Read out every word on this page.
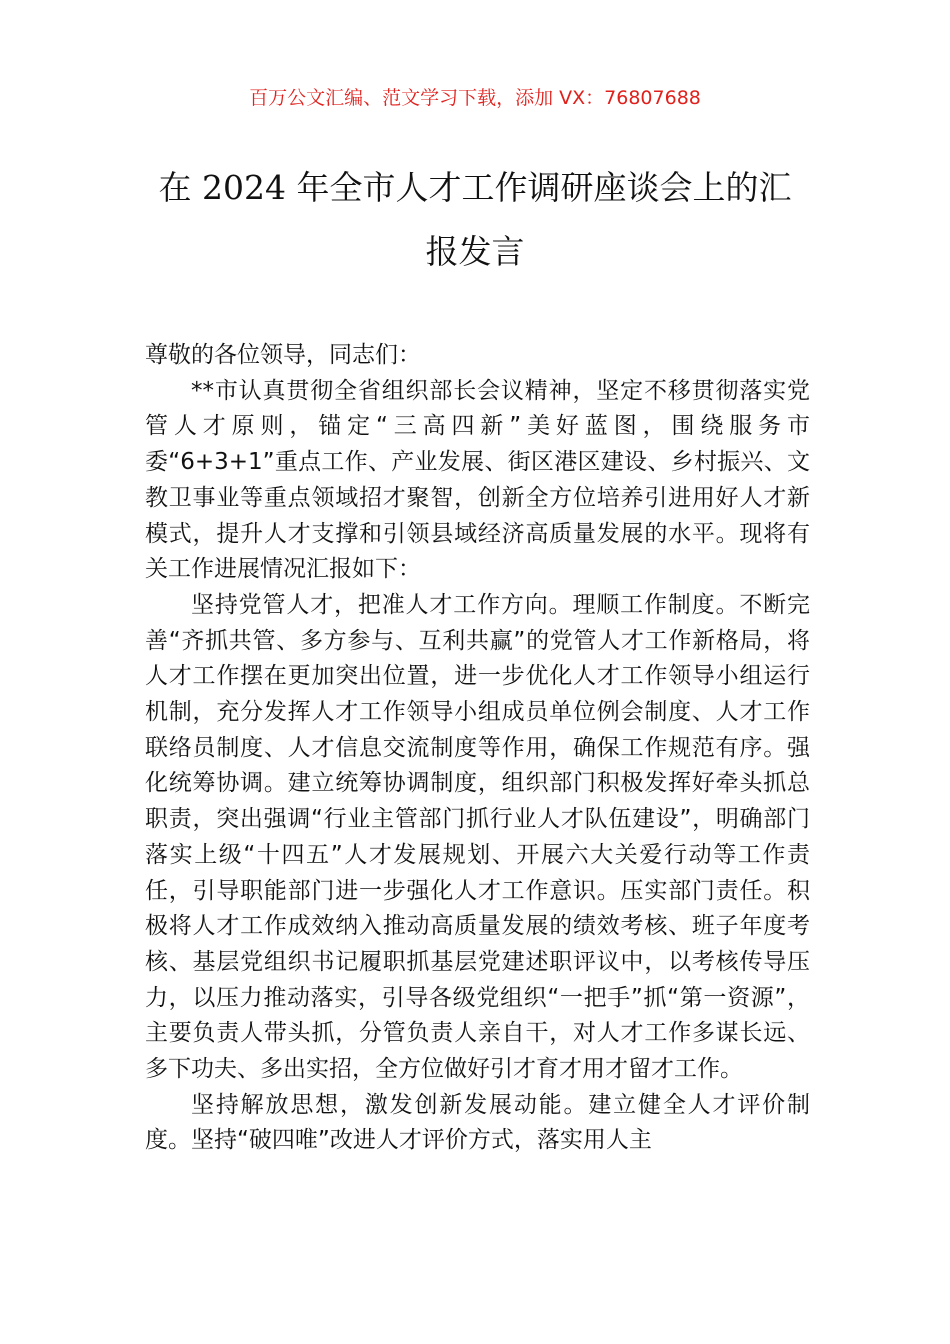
百万公文汇编、范文学习下载，添加 VX：76807688
在 2024 年全市人才工作调研座谈会上的汇
报发言

尊敬的各位领导，同志们：

**市认真贯彻全省组织部长会议精神，坚定不移贯彻落实党管人才原则，锚定“三高四新”美好蓝图，围绕服务市委“6+3+1”重点工作、产业发展、街区港区建设、乡村振兴、文教卫事业等重点领域招才聚智，创新全方位培养引进用好人才新模式，提升人才支撑和引领县域经济高质量发展的水平。现将有关工作进展情况汇报如下：

坚持党管人才，把准人才工作方向。理顺工作制度。不断完善“齐抓共管、多方参与、互利共赢”的党管人才工作新格局，将人才工作摆在更加突出位置，进一步优化人才工作领导小组运行机制，充分发挥人才工作领导小组成员单位例会制度、人才工作联络员制度、人才信息交流制度等作用，确保工作规范有序。强化统筹协调。建立统筹协调制度，组织部门积极发挥好牵头抓总职责，突出强调“行业主管部门抓行业人才队伍建设”，明确部门落实上级“十四五”人才发展规划、开展六大关爱行动等工作责任，引导职能部门进一步强化人才工作意识。压实部门责任。积极将人才工作成效纳入推动高质量发展的绩效考核、班子年度考核、基层党组织书记履职抓基层党建述职评议中，以考核传导压力，以压力推动落实，引导各级党组织“一把手”抓“第一资源”，主要负责人带头抓，分管负责人亲自干，对人才工作多谋长远、多下功夫、多出实招，全方位做好引才育才用才留才工作。

坚持解放思想，激发创新发展动能。建立健全人才评价制度。坚持“破四唯”改进人才评价方式，落实用人主
